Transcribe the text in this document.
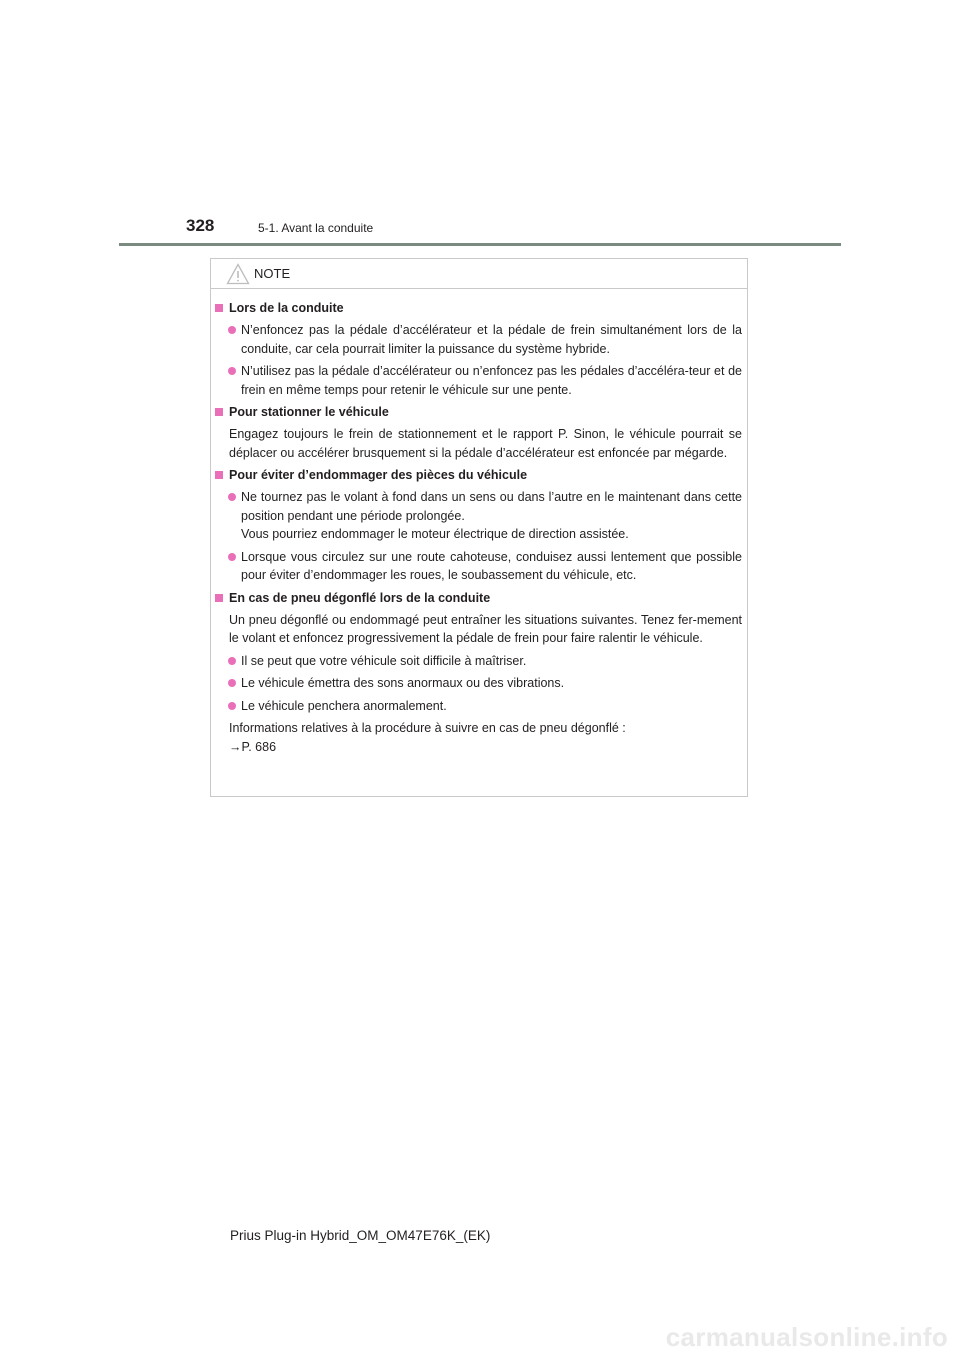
328	5-1. Avant la conduite
NOTE
Lors de la conduite
N’enfoncez pas la pédale d’accélérateur et la pédale de frein simultanément lors de la conduite, car cela pourrait limiter la puissance du système hybride.
N’utilisez pas la pédale d’accélérateur ou n’enfoncez pas les pédales d’accéléra-teur et de frein en même temps pour retenir le véhicule sur une pente.
Pour stationner le véhicule
Engagez toujours le frein de stationnement et le rapport P. Sinon, le véhicule pourrait se déplacer ou accélérer brusquement si la pédale d’accélérateur est enfoncée par mégarde.
Pour éviter d’endommager des pièces du véhicule
Ne tournez pas le volant à fond dans un sens ou dans l’autre en le maintenant dans cette position pendant une période prolongée.
Vous pourriez endommager le moteur électrique de direction assistée.
Lorsque vous circulez sur une route cahoteuse, conduisez aussi lentement que possible pour éviter d’endommager les roues, le soubassement du véhicule, etc.
En cas de pneu dégonflé lors de la conduite
Un pneu dégonflé ou endommagé peut entraîner les situations suivantes. Tenez fer-mement le volant et enfoncez progressivement la pédale de frein pour faire ralentir le véhicule.
Il se peut que votre véhicule soit difficile à maîtriser.
Le véhicule émettra des sons anormaux ou des vibrations.
Le véhicule penchera anormalement.
Informations relatives à la procédure à suivre en cas de pneu dégonflé :
→P. 686
Prius Plug-in Hybrid_OM_OM47E76K_(EK)
carmanualsonline.info
